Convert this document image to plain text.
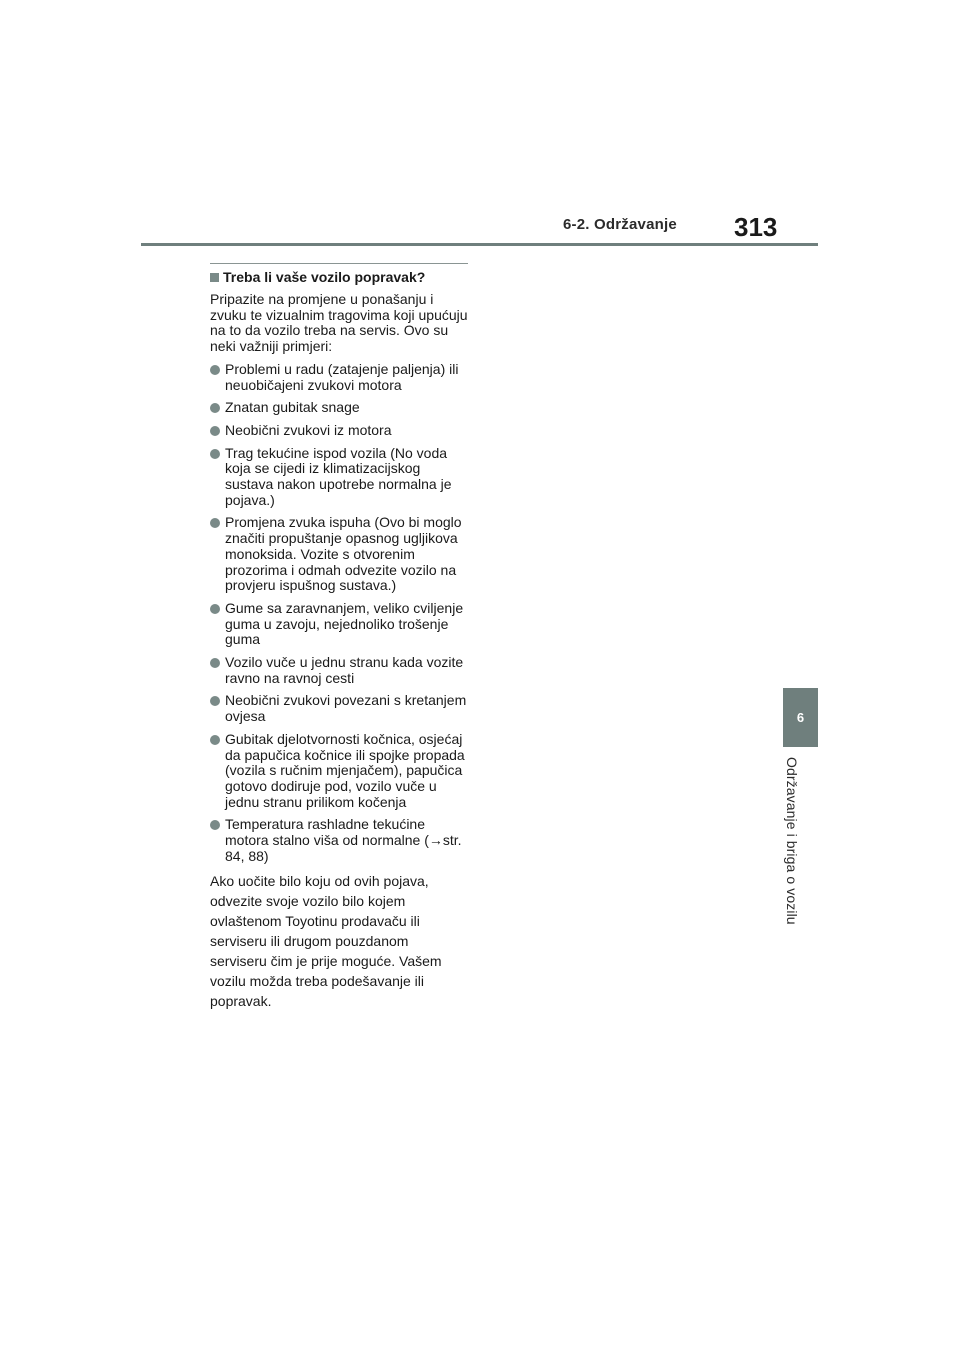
6-2. Održavanje 313
6
Održavanje i briga o vozilu
Treba li vaše vozilo popravak?

Pripazite na promjene u ponašanju i zvuku te vizualnim tragovima koji upućuju na to da vozilo treba na servis. Ovo su neki važniji primjeri:

Problemi u radu (zatajenje paljenja) ili neuobičajeni zvukovi motora
Znatan gubitak snage
Neobični zvukovi iz motora
Trag tekućine ispod vozila (No voda koja se cijedi iz klimatizacijskog sustava nakon upotrebe normalna je pojava.)
Promjena zvuka ispuha (Ovo bi moglo značiti propuštanje opasnog ugljikova monoksida. Vozite s otvorenim prozorima i odmah odvezite vozilo na provjeru ispušnog sustava.)
Gume sa zaravnanjem, veliko cviljenje guma u zavoju, nejednoliko trošenje guma
Vozilo vuče u jednu stranu kada vozite ravno na ravnoj cesti
Neobični zvukovi povezani s kretanjem ovjesa
Gubitak djelotvornosti kočnica, osjećaj da papučica kočnice ili spojke propada (vozila s ručnim mjenjačem), papučica gotovo dodiruje pod, vozilo vuče u jednu stranu prilikom kočenja
Temperatura rashladne tekućine motora stalno viša od normalne (→str. 84, 88)
Ako uočite bilo koju od ovih pojava,
odvezite svoje vozilo bilo kojem
ovlaštenom Toyotinu prodavaču ili
serviseru ili drugom pouzdanom
serviseru čim je prije moguće. Vašem
vozilu možda treba podešavanje ili
popravak.
